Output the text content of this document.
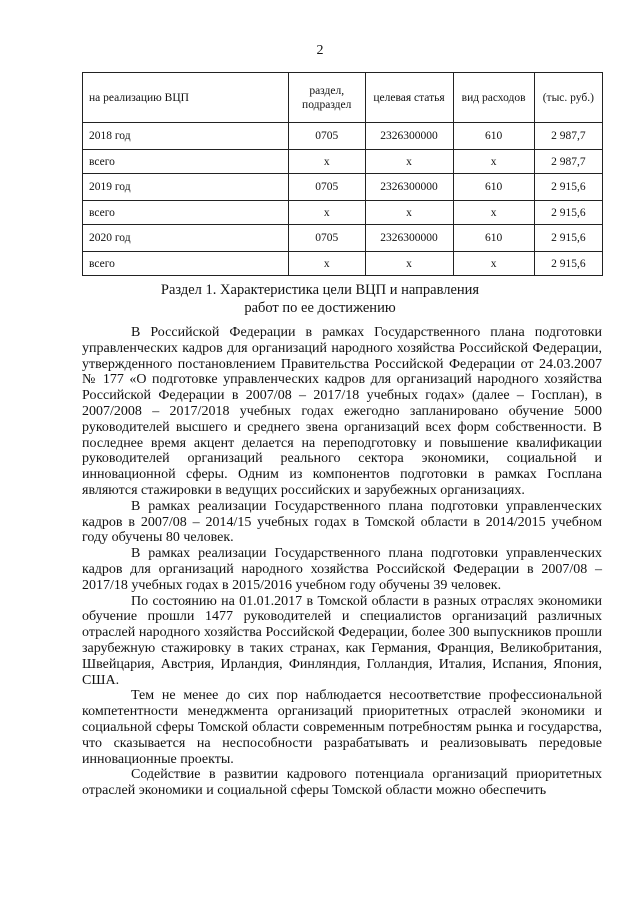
2
на реализацию ВЦП	раздел, подраздел	целевая статья	вид расходов	(тыс. руб.)
2018 год	0705	2326300000	610	2 987,7
всего	х	х	х	2 987,7
2019 год	0705	2326300000	610	2 915,6
всего	х	х	х	2 915,6
2020 год	0705	2326300000	610	2 915,6
всего	х	х	х	2 915,6
Раздел 1. Характеристика цели ВЦП и направления
работ по ее достижению

В Российской Федерации в рамках Государственного плана подготовки управленческих кадров для организаций народного хозяйства Российской Федерации, утвержденного постановлением Правительства Российской Федерации от 24.03.2007 № 177 «О подготовке управленческих кадров для организаций народного хозяйства Российской Федерации в 2007/08 – 2017/18 учебных годах» (далее – Госплан), в 2007/2008 – 2017/2018 учебных годах ежегодно запланировано обучение 5000 руководителей высшего и среднего звена организаций всех форм собственности. В последнее время акцент делается на переподготовку и повышение квалификации руководителей организаций реального сектора экономики, социальной и инновационной сферы. Одним из компонентов подготовки в рамках Госплана являются стажировки в ведущих российских и зарубежных организациях.

В рамках реализации Государственного плана подготовки управленческих кадров в 2007/08 – 2014/15 учебных годах в Томской области в 2014/2015 учебном году обучены 80 человек.

В рамках реализации Государственного плана подготовки управленческих кадров для организаций народного хозяйства Российской Федерации в 2007/08 – 2017/18 учебных годах в 2015/2016 учебном году обучены 39 человек.

По состоянию на 01.01.2017 в Томской области в разных отраслях экономики обучение прошли 1477 руководителей и специалистов организаций различных отраслей народного хозяйства Российской Федерации, более 300 выпускников прошли зарубежную стажировку в таких странах, как Германия, Франция, Великобритания, Швейцария, Австрия, Ирландия, Финляндия, Голландия, Италия, Испания, Япония, США.

Тем не менее до сих пор наблюдается несоответствие профессиональной компетентности менеджмента организаций приоритетных отраслей экономики и социальной сферы Томской области современным потребностям рынка и государства, что сказывается на неспособности разрабатывать и реализовывать передовые инновационные проекты.

Содействие в развитии кадрового потенциала организаций приоритетных отраслей экономики и социальной сферы Томской области можно обеспечить
